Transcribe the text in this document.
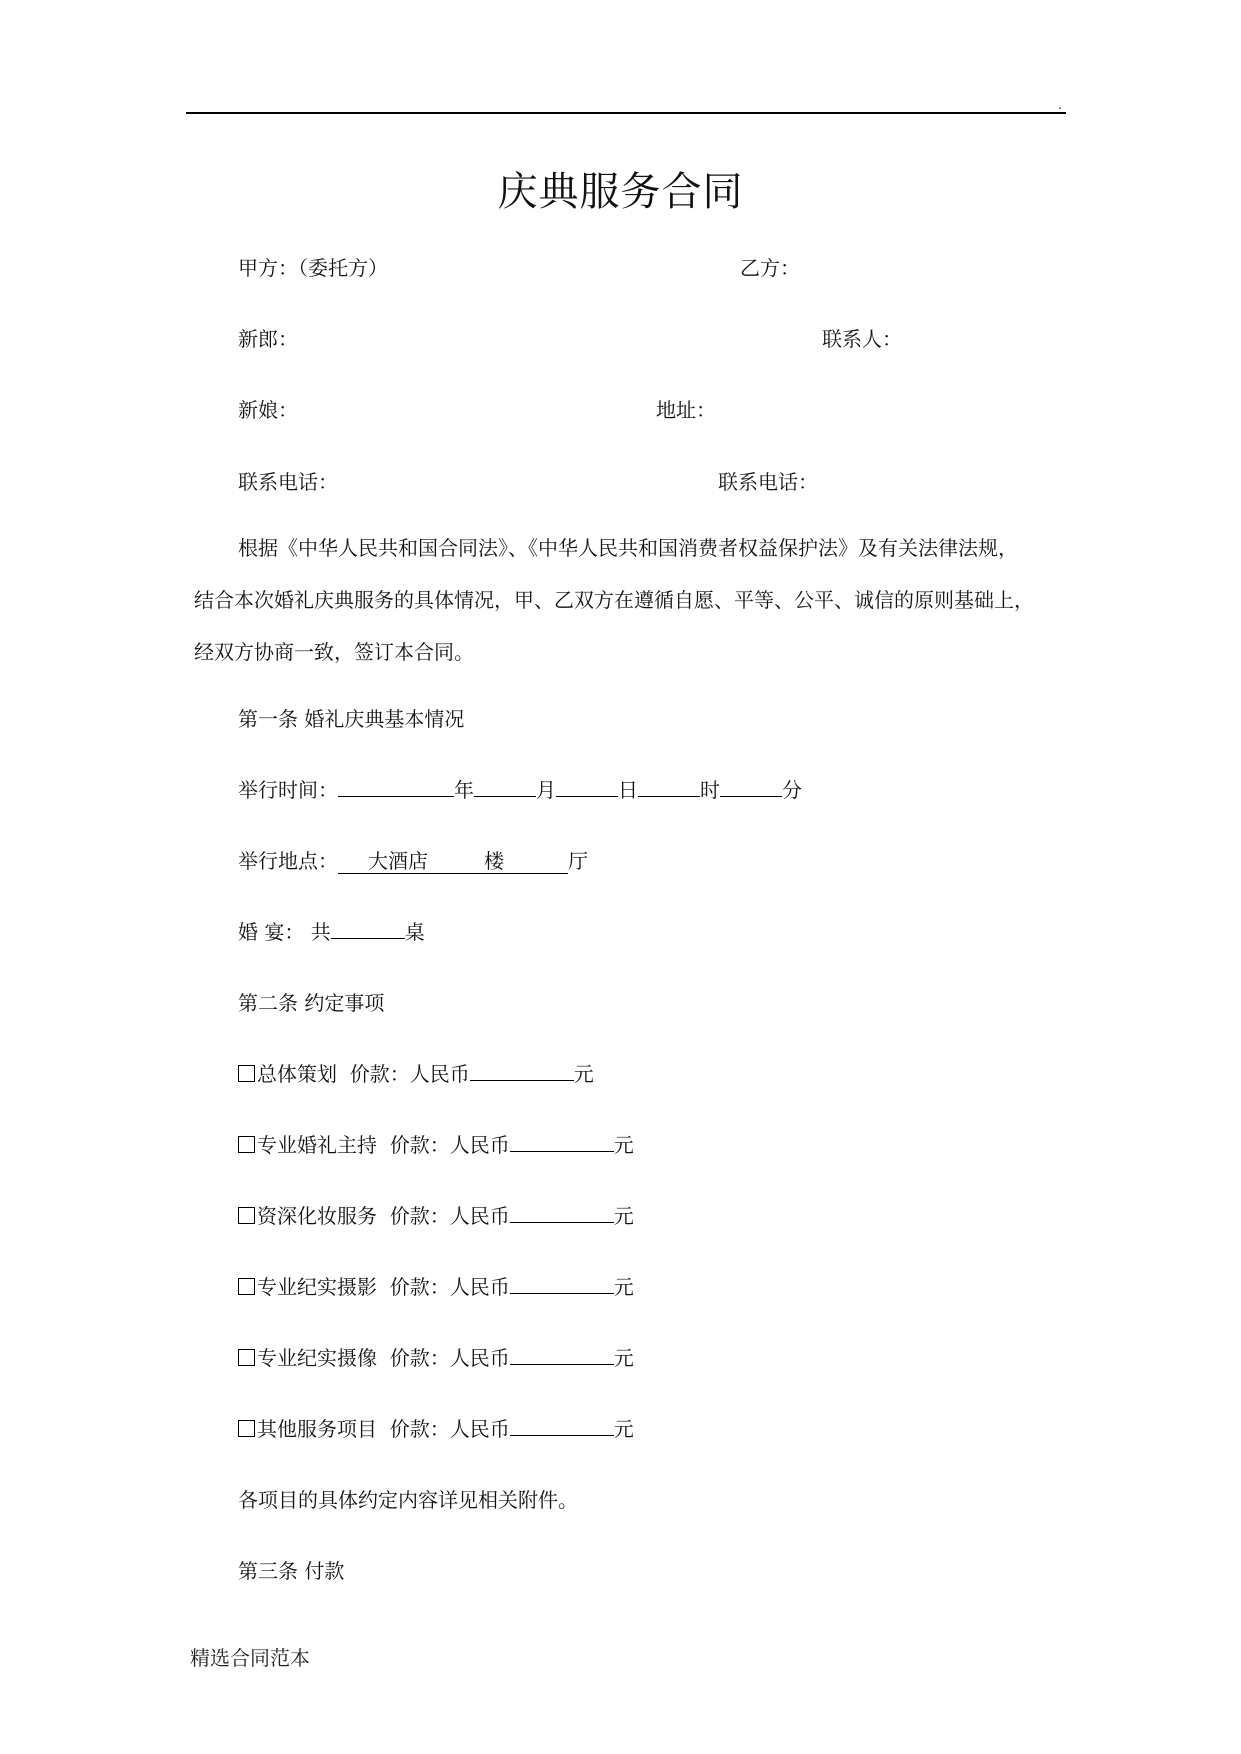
.
庆典服务合同
甲方：（委托方）	乙方：
新郎：	联系人：
新娘：	地址：
联系电话：	联系电话：
根据《中华人民共和国合同法》、《中华人民共和国消费者权益保护法》及有关法律法规，
结合本次婚礼庆典服务的具体情况，甲、乙双方在遵循自愿、平等、公平、诚信的原则基础上，
经双方协商一致，签订本合同。
第一条 婚礼庆典基本情况
举行时间：	年	月	日	时	分
举行地点： 大酒店	楼	厅
婚 宴： 共	桌
第二条 约定事项
总体策划 价款：人民币	元
专业婚礼主持 价款：人民币	元
资深化妆服务 价款：人民币	元
专业纪实摄影 价款：人民币	元
专业纪实摄像 价款：人民币	元
其他服务项目 价款：人民币	元
各项目的具体约定内容详见相关附件。
第三条 付款
精选合同范本
